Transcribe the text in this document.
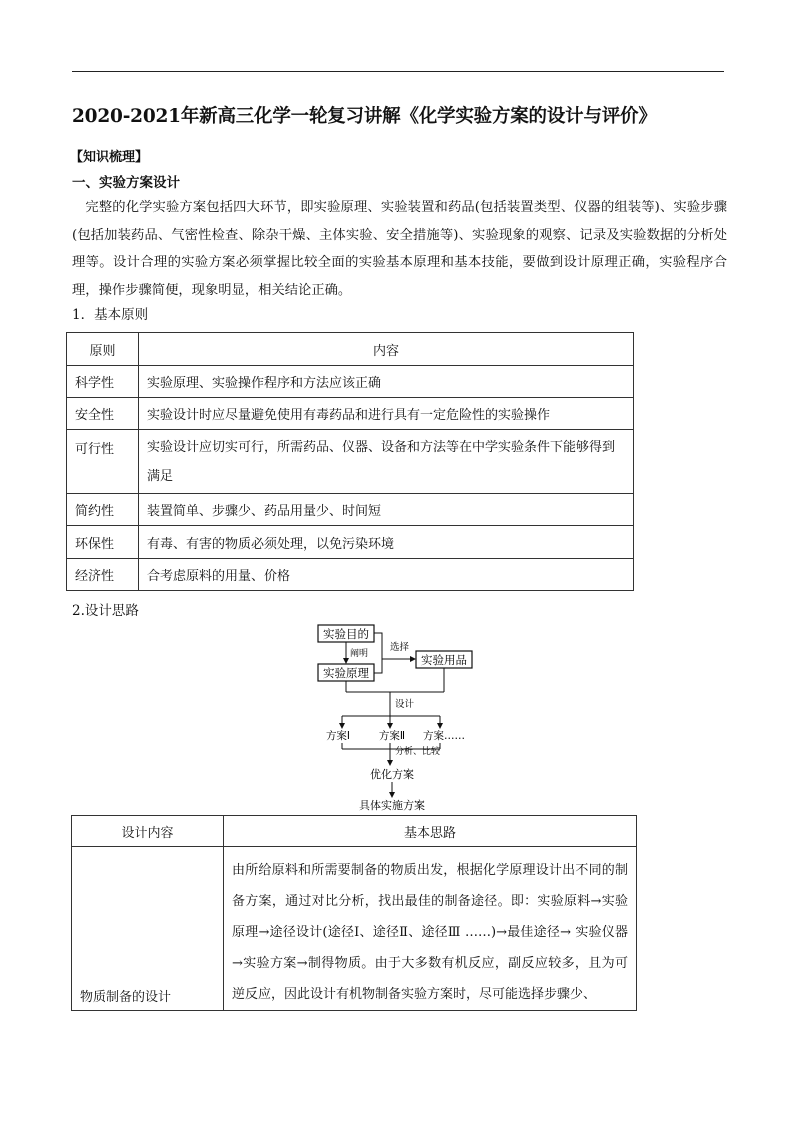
2020-2021年新高三化学一轮复习讲解《化学实验方案的设计与评价》
【知识梳理】
一、实验方案设计
 完整的化学实验方案包括四大环节，即实验原理、实验装置和药品(包括装置类型、仪器的组装等)、实验步骤(包括加装药品、气密性检查、除杂干燥、主体实验、安全措施等)、实验现象的观察、记录及实验数据的分析处理等。设计合理的实验方案必须掌握比较全面的实验基本原理和基本技能，要做到设计原理正确，实验程序合理，操作步骤简便，现象明显，相关结论正确。
1．基本原则
原则	内容
科学性	实验原理、实验操作程序和方法应该正确
安全性	实验设计时应尽量避免使用有毒药品和进行具有一定危险性的实验操作
可行性	实验设计应切实可行，所需药品、仪器、设备和方法等在中学实验条件下能够得到满足
简约性	装置简单、步骤少、药品用量少、时间短
环保性	有毒、有害的物质必须处理，以免污染环境
经济性	合考虑原料的用量、价格
2.设计思路
实验目的
实验原理
实验用品
阐明
选择
设计
方案Ⅰ	方案Ⅱ 方案……
分析、比较
优化方案
具体实施方案
设计内容	基本思路
物质制备的设计	由所给原料和所需要制备的物质出发，根据化学原理设计出不同的制备方案，通过对比分析，找出最佳的制备途径。即：实验原料→实验原理→途径设计(途径Ⅰ、途径Ⅱ、途径Ⅲ ……)→最佳途径→ 实验仪器→实验方案→制得物质。由于大多数有机反应，副反应较多，且为可逆反应，因此设计有机物制备实验方案时，尽可能选择步骤少、
